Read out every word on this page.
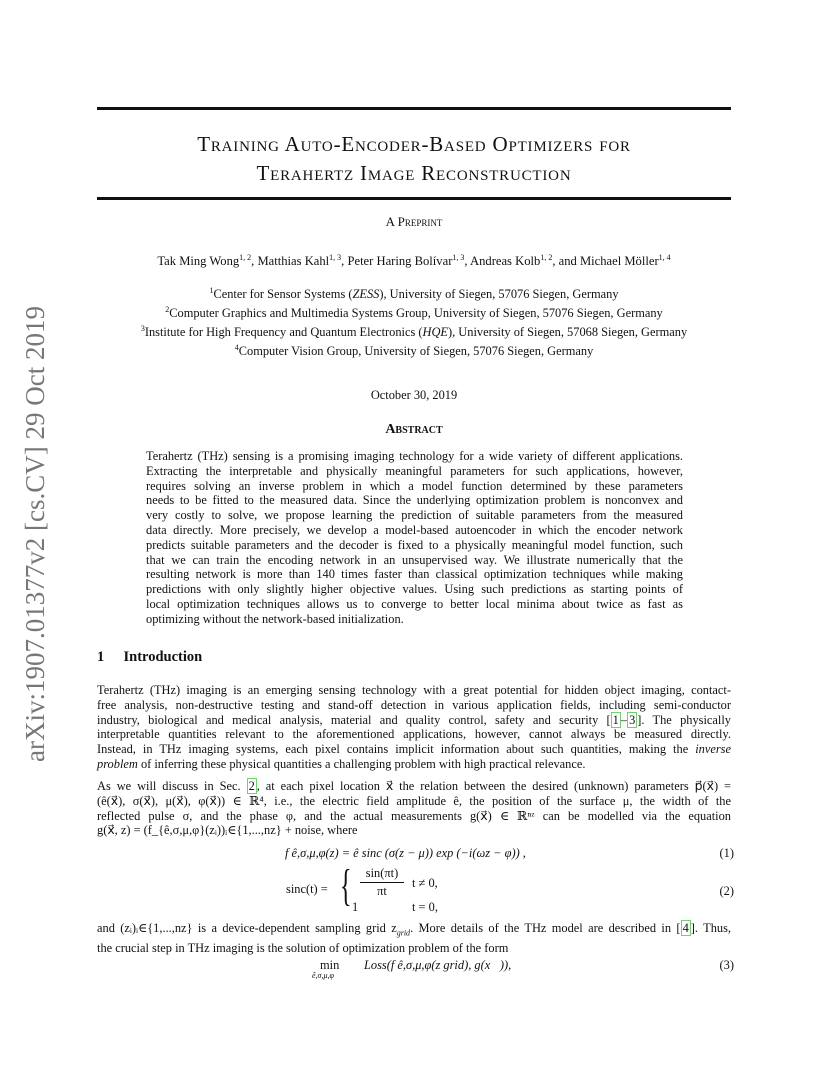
arXiv:1907.01377v2 [cs.CV] 29 Oct 2019
Training Auto-Encoder-Based Optimizers for
Terahertz Image Reconstruction
A Preprint
Tak Ming Wong$^{1, 2}$, Matthias Kahl$^{1, 3}$, Peter Haring Bolívar$^{1, 3}$, Andreas Kolb$^{1, 2}$, and Michael Möller$^{1, 4}$
$^1$Center for Sensor Systems (ZESS), University of Siegen, 57076 Siegen, Germany
$^2$Computer Graphics and Multimedia Systems Group, University of Siegen, 57076 Siegen, Germany
$^3$Institute for High Frequency and Quantum Electronics (HQE), University of Siegen, 57068 Siegen, Germany
$^4$Computer Vision Group, University of Siegen, 57076 Siegen, Germany
October 30, 2019
Abstract
Terahertz (THz) sensing is a promising imaging technology for a wide variety of different applications.
Extracting the interpretable and physically meaningful parameters for such applications, however,
requires solving an inverse problem in which a model function determined by these parameters
needs to be fitted to the measured data. Since the underlying optimization problem is nonconvex and
very costly to solve, we propose learning the prediction of suitable parameters from the measured
data directly. More precisely, we develop a model-based autoencoder in which the encoder network
predicts suitable parameters and the decoder is fixed to a physically meaningful model function, such
that we can train the encoding network in an unsupervised way. We illustrate numerically that the
resulting network is more than 140 times faster than classical optimization techniques while making
predictions with only slightly higher objective values. Using such predictions as starting points of
local optimization techniques allows us to converge to better local minima about twice as fast as
optimizing without the network-based initialization.
1 Introduction
Terahertz (THz) imaging is an emerging sensing technology with a great potential for hidden object imaging, contact-
free analysis, non-destructive testing and stand-off detection in various application fields, including semi-conductor
industry, biological and medical analysis, material and quality control, safety and security [ 1 – 3 ]. The physically
interpretable quantities relevant to the aforementioned applications, however, cannot always be measured directly.
Instead, in THz imaging systems, each pixel contains implicit information about such quantities, making the inverse
problem of inferring these physical quantities a challenging problem with high practical relevance.
As we will discuss in Sec. 2 , at each pixel location x⃗ the relation between the desired (unknown) parameters p⃗(x⃗) =
(ê(x⃗), σ(x⃗), μ(x⃗), φ(x⃗)) ∈ ℝ⁴, i.e., the electric field amplitude ê, the position of the surface μ, the width of the
reflected pulse σ, and the phase φ, and the actual measurements g(x⃗) ∈ ℝⁿᶻ can be modelled via the equation
g(x⃗, z) = (f_{ê,σ,μ,φ}(zᵢ))ᵢ∈{1,...,nz} + noise, where
f ê,σ,μ,φ(z) = ê sinc (σ(z − μ)) exp (−i(ωz − φ)) ,	(1)
sinc(t) = {	sin(πt)
πt
t ≠ 0,
1	t = 0,
(2)
and (zᵢ)ᵢ∈{1,...,nz} is a device-dependent sampling grid $z_{grid}$. More details of the THz model are described in [ 4 ]. Thus,
the crucial step in THz imaging is the solution of optimization problem of the form
min
ê,σ,μ,φ
Loss(f ê,σ,μ,φ(z grid), g(x⃗)),	(3)
